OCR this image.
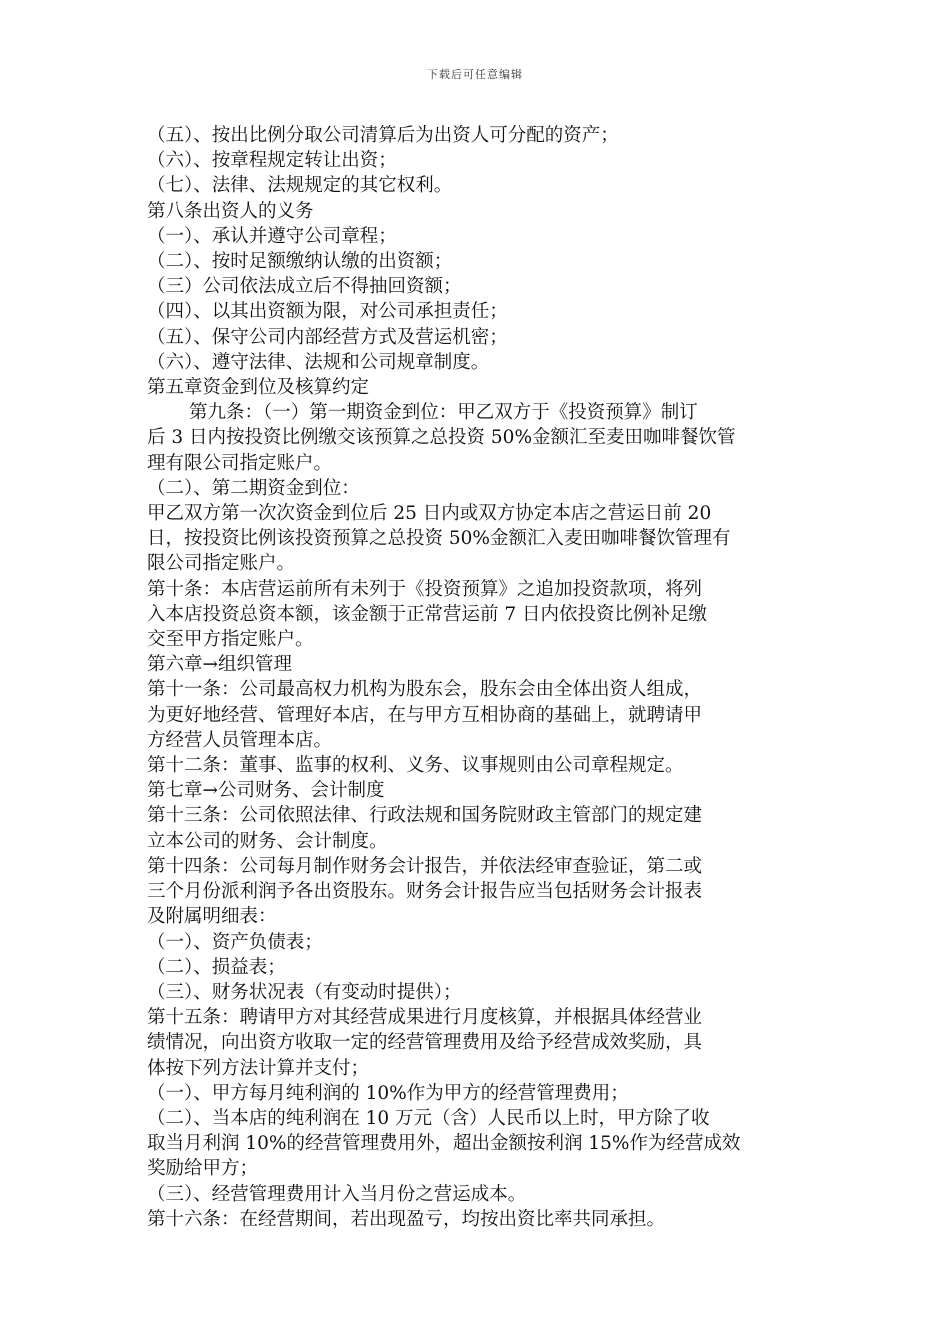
下载后可任意编辑
（五）、按出比例分取公司清算后为出资人可分配的资产；
（六）、按章程规定转让出资；
（七）、法律、法规规定的其它权利。
第八条出资人的义务
（一）、承认并遵守公司章程；
（二）、按时足额缴纳认缴的出资额；
（三）公司依法成立后不得抽回资额；
（四）、以其出资额为限，对公司承担责任；
（五）、保守公司内部经营方式及营运机密；
（六）、遵守法律、法规和公司规章制度。
第五章资金到位及核算约定
第九条：（一）第一期资金到位：甲乙双方于《投资预算》制订
后 3 日内按投资比例缴交该预算之总投资 50%金额汇至麦田咖啡餐饮管
理有限公司指定账户。
（二）、第二期资金到位：
甲乙双方第一次次资金到位后 25 日内或双方协定本店之营运日前 20
日，按投资比例该投资预算之总投资 50%金额汇入麦田咖啡餐饮管理有
限公司指定账户。
第十条：本店营运前所有未列于《投资预算》之追加投资款项，将列
入本店投资总资本额，该金额于正常营运前 7 日内依投资比例补足缴
交至甲方指定账户。
第六章→组织管理
第十一条：公司最高权力机构为股东会，股东会由全体出资人组成，
为更好地经营、管理好本店，在与甲方互相协商的基础上，就聘请甲
方经营人员管理本店。
第十二条：董事、监事的权利、义务、议事规则由公司章程规定。
第七章→公司财务、会计制度
第十三条：公司依照法律、行政法规和国务院财政主管部门的规定建
立本公司的财务、会计制度。
第十四条：公司每月制作财务会计报告，并依法经审查验证，第二或
三个月份派利润予各出资股东。财务会计报告应当包括财务会计报表
及附属明细表：
（一）、资产负债表；
（二）、损益表；
（三）、财务状况表（有变动时提供）；
第十五条：聘请甲方对其经营成果进行月度核算，并根据具体经营业
绩情况，向出资方收取一定的经营管理费用及给予经营成效奖励，具
体按下列方法计算并支付；
（一）、甲方每月纯利润的 10%作为甲方的经营管理费用；
（二）、当本店的纯利润在 10 万元（含）人民币以上时，甲方除了收
取当月利润 10%的经营管理费用外，超出金额按利润 15%作为经营成效
奖励给甲方；
（三）、经营管理费用计入当月份之营运成本。
第十六条：在经营期间，若出现盈亏，均按出资比率共同承担。
